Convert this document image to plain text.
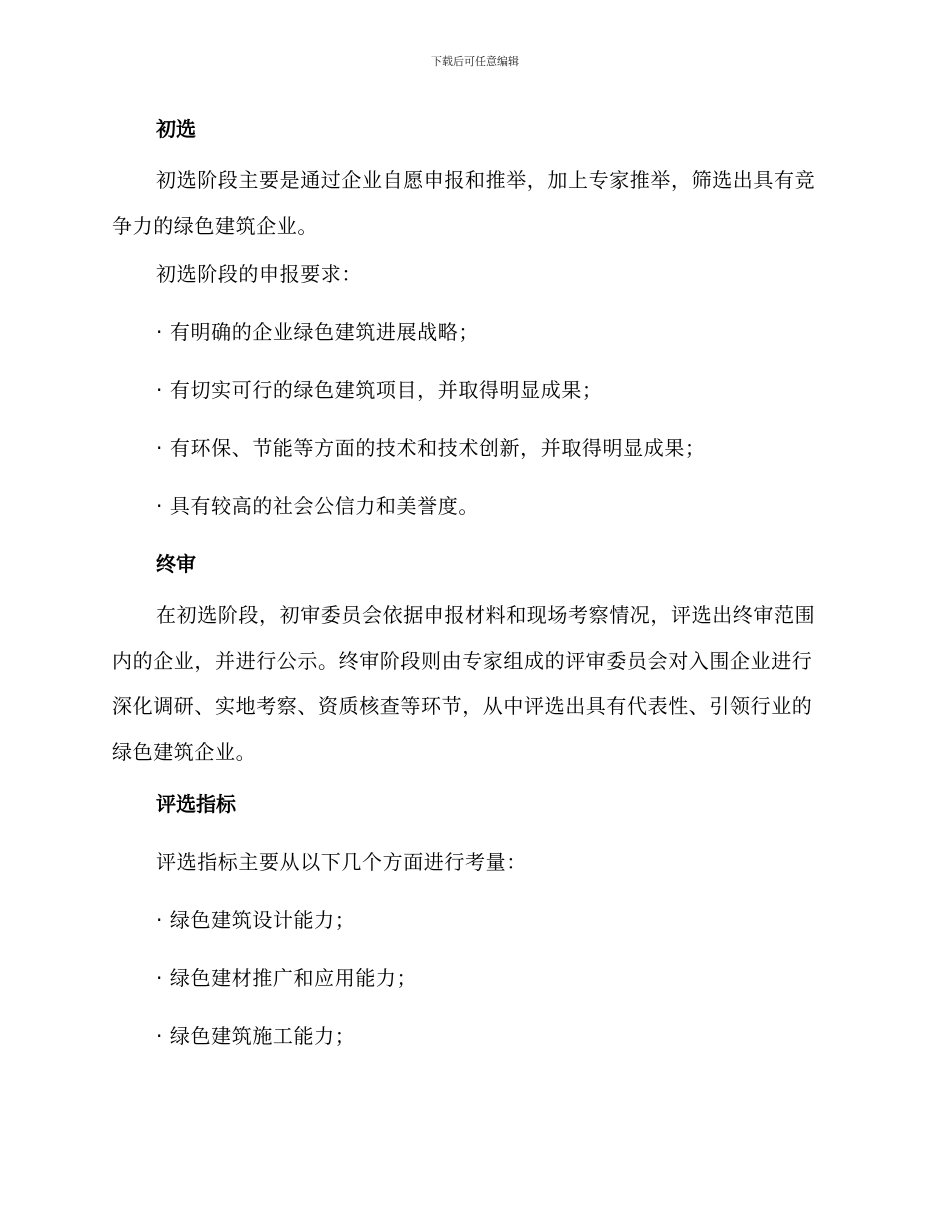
下载后可任意编辑
初选

初选阶段主要是通过企业自愿申报和推举，加上专家推举，筛选出具有竞争力的绿色建筑企业。

初选阶段的申报要求：

· 有明确的企业绿色建筑进展战略；

· 有切实可行的绿色建筑项目，并取得明显成果；

· 有环保、节能等方面的技术和技术创新，并取得明显成果；

· 具有较高的社会公信力和美誉度。

终审

在初选阶段，初审委员会依据申报材料和现场考察情况，评选出终审范围内的企业，并进行公示。终审阶段则由专家组成的评审委员会对入围企业进行深化调研、实地考察、资质核查等环节，从中评选出具有代表性、引领行业的绿色建筑企业。

评选指标

评选指标主要从以下几个方面进行考量：

· 绿色建筑设计能力；

· 绿色建材推广和应用能力；

· 绿色建筑施工能力；
